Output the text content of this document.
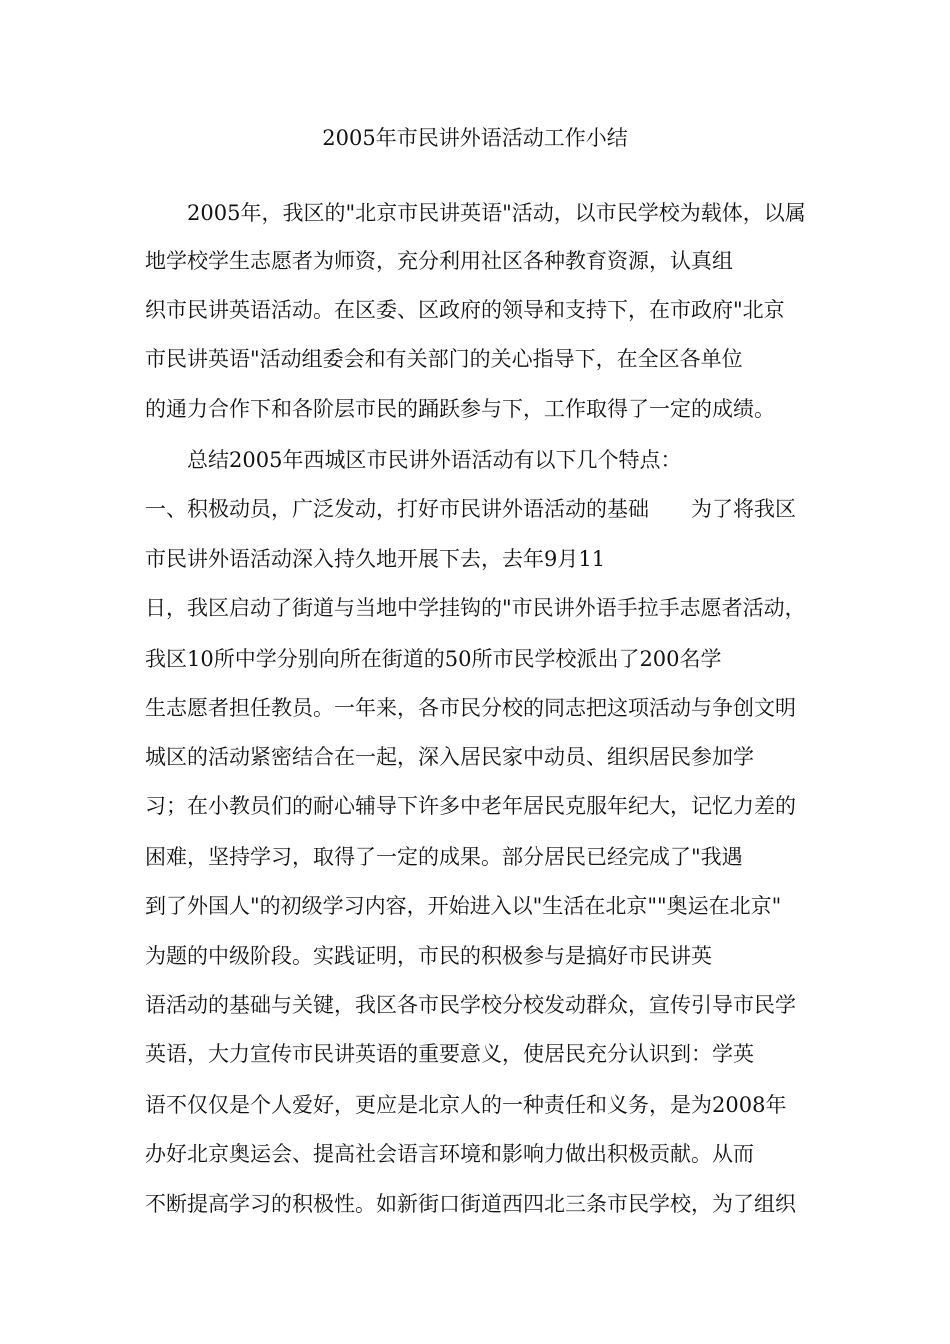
2005年市民讲外语活动工作小结
2005年，我区的"北京市民讲英语"活动，以市民学校为载体，以属
地学校学生志愿者为师资，充分利用社区各种教育资源，认真组
织市民讲英语活动。在区委、区政府的领导和支持下，在市政府"北京
市民讲英语"活动组委会和有关部门的关心指导下，在全区各单位
的通力合作下和各阶层市民的踊跃参与下，工作取得了一定的成绩。
总结2005年西城区市民讲外语活动有以下几个特点：
一、积极动员，广泛发动，打好市民讲外语活动的基础 为了将我区
市民讲外语活动深入持久地开展下去，去年9月11
日，我区启动了街道与当地中学挂钩的"市民讲外语手拉手志愿者活动，
我区10所中学分别向所在街道的50所市民学校派出了200名学
生志愿者担任教员。一年来，各市民分校的同志把这项活动与争创文明
城区的活动紧密结合在一起，深入居民家中动员、组织居民参加学
习；在小教员们的耐心辅导下许多中老年居民克服年纪大，记忆力差的
困难，坚持学习，取得了一定的成果。部分居民已经完成了"我遇
到了外国人"的初级学习内容，开始进入以"生活在北京""奥运在北京"
为题的中级阶段。实践证明，市民的积极参与是搞好市民讲英
语活动的基础与关键，我区各市民学校分校发动群众，宣传引导市民学
英语，大力宣传市民讲英语的重要意义，使居民充分认识到：学英
语不仅仅是个人爱好，更应是北京人的一种责任和义务，是为2008年
办好北京奥运会、提高社会语言环境和影响力做出积极贡献。从而
不断提高学习的积极性。如新街口街道西四北三条市民学校，为了组织
